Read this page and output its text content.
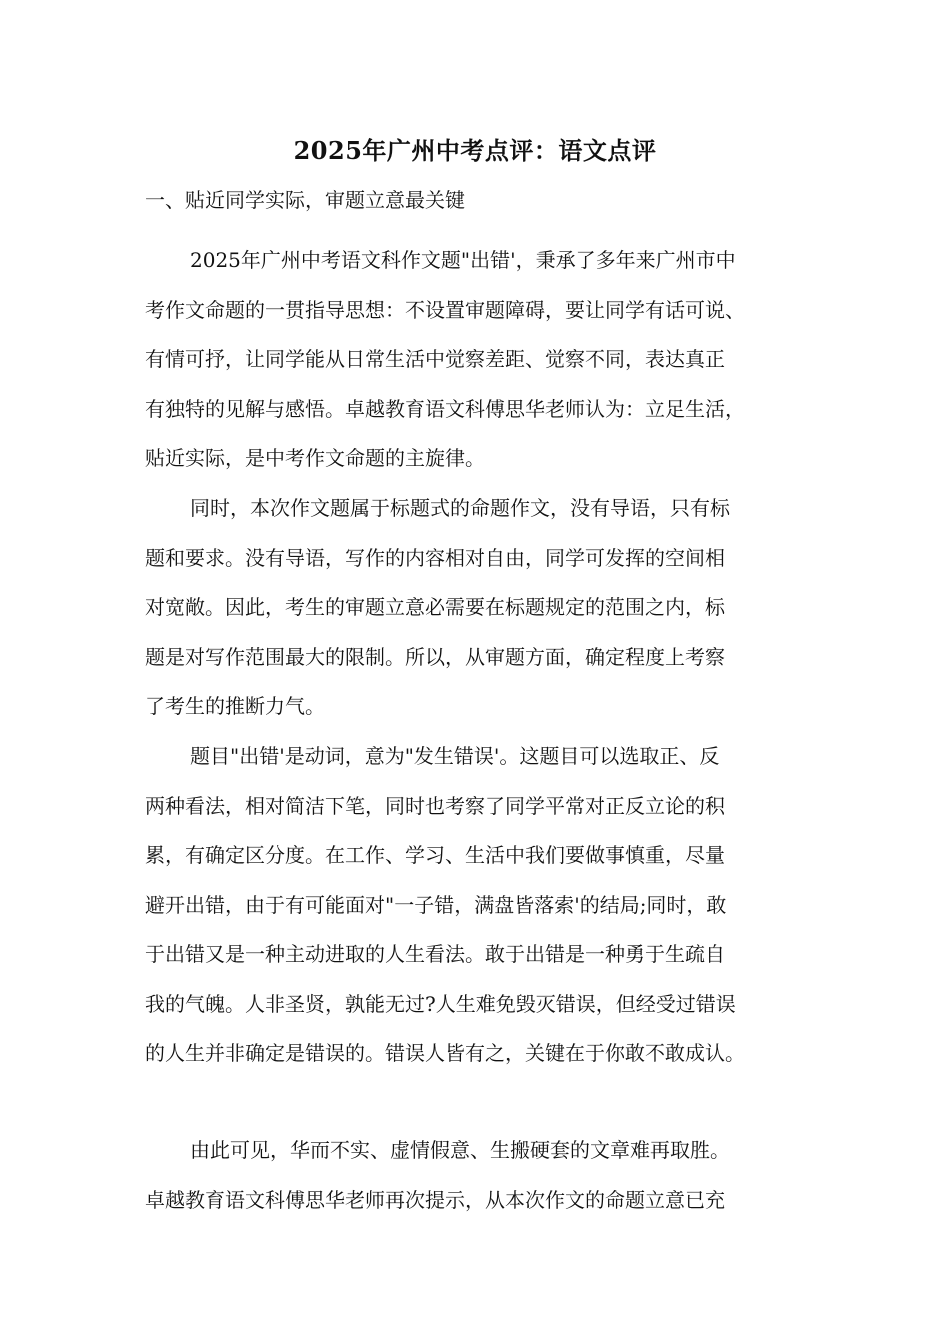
2025年广州中考点评：语文点评
一、贴近同学实际，审题立意最关键

2025年广州中考语文科作文题"出错'，秉承了多年来广州市中
考作文命题的一贯指导思想：不设置审题障碍，要让同学有话可说、
有情可抒，让同学能从日常生活中觉察差距、觉察不同，表达真正
有独特的见解与感悟。卓越教育语文科傅思华老师认为：立足生活，
贴近实际，是中考作文命题的主旋律。

同时，本次作文题属于标题式的命题作文，没有导语，只有标
题和要求。没有导语，写作的内容相对自由，同学可发挥的空间相
对宽敞。因此，考生的审题立意必需要在标题规定的范围之内，标
题是对写作范围最大的限制。所以，从审题方面，确定程度上考察
了考生的推断力气。

题目"出错'是动词，意为"发生错误'。这题目可以选取正、反
两种看法，相对简洁下笔，同时也考察了同学平常对正反立论的积
累，有确定区分度。在工作、学习、生活中我们要做事慎重，尽量
避开出错，由于有可能面对"一子错，满盘皆落索'的结局;同时，敢
于出错又是一种主动进取的人生看法。敢于出错是一种勇于生疏自
我的气魄。人非圣贤，孰能无过?人生难免毁灭错误，但经受过错误
的人生并非确定是错误的。错误人皆有之，关键在于你敢不敢成认。

由此可见，华而不实、虚情假意、生搬硬套的文章难再取胜。
卓越教育语文科傅思华老师再次提示，从本次作文的命题立意已充
